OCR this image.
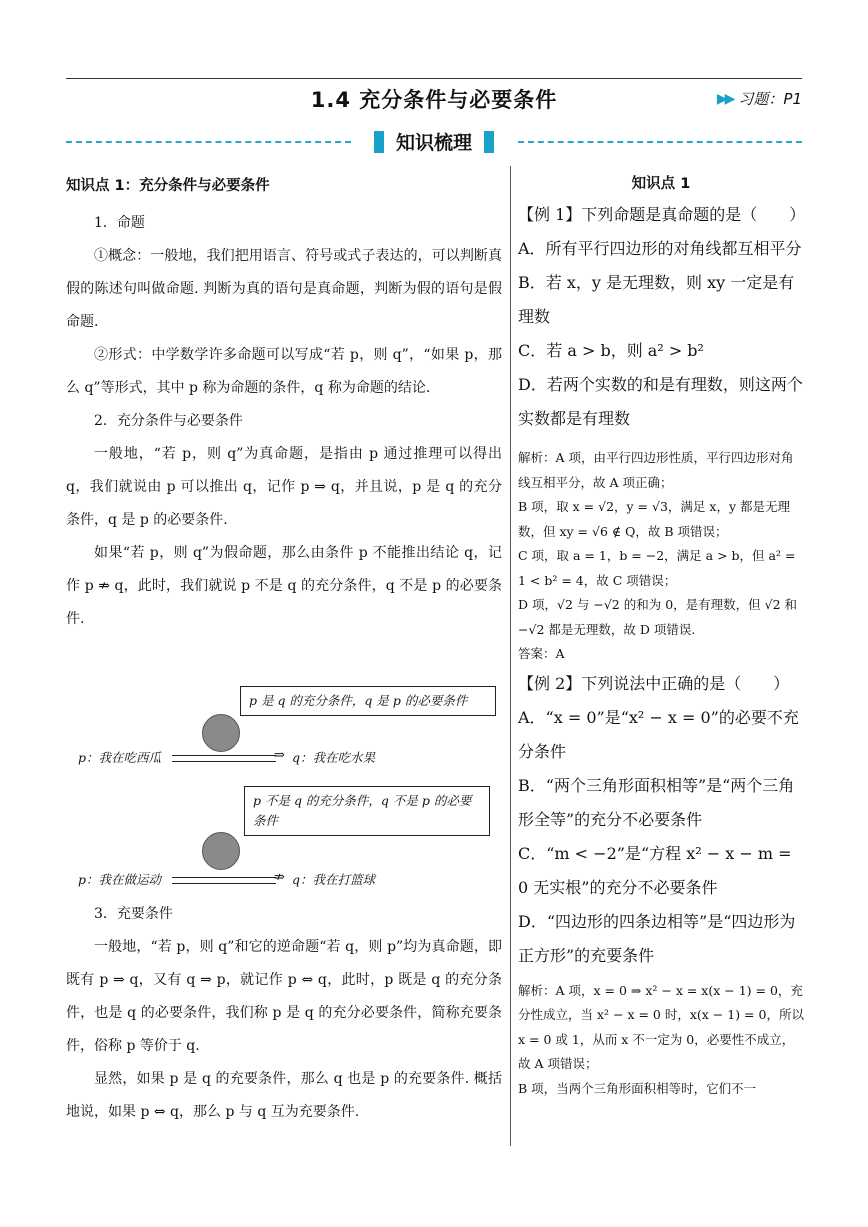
1.4 充分条件与必要条件	▶▶ 习题：P1
知识梳理

知识点 1：充分条件与必要条件

1．命题

①概念：一般地，我们把用语言、符号或式子表达的，可以判断真假的陈述句叫做命题. 判断为真的语句是真命题，判断为假的语句是假命题.

②形式：中学数学许多命题可以写成“若 p，则 q”，“如果 p，那么 q”等形式，其中 p 称为命题的条件，q 称为命题的结论.

2．充分条件与必要条件

一般地，“若 p，则 q”为真命题，是指由 p 通过推理可以得出 q，我们就说由 p 可以推出 q，记作 p ⇒ q，并且说，p 是 q 的充分条件，q 是 p 的必要条件.

如果“若 p，则 q”为假命题，那么由条件 p 不能推出结论 q，记作 p ⇏ q，此时，我们就说 p 不是 q 的充分条件，q 不是 p 的必要条件.

p 是 q 的充分条件，q 是 p 的必要条件
p：我在吃西瓜	⇒ q：我在吃水果
p 不是 q 的充分条件，q 不是 p 的必要条件
p：我在做运动	⇏ q：我在打篮球

3．充要条件

一般地，“若 p，则 q”和它的逆命题“若 q，则 p”均为真命题，即既有 p ⇒ q，又有 q ⇒ p，就记作 p ⇔ q，此时，p 既是 q 的充分条件，也是 q 的必要条件，我们称 p 是 q 的充分必要条件，简称充要条件，俗称 p 等价于 q.

显然，如果 p 是 q 的充要条件，那么 q 也是 p 的充要条件. 概括地说，如果 p ⇔ q，那么 p 与 q 互为充要条件.

知识点 1

【例 1】下列命题是真命题的是（　　）

A．所有平行四边形的对角线都互相平分

B．若 x，y 是无理数，则 xy 一定是有理数

C．若 a > b，则 a² > b²

D．若两个实数的和是有理数，则这两个实数都是有理数

解析：A 项，由平行四边形性质，平行四边形对角线互相平分，故 A 项正确；

B 项，取 x = √2，y = √3，满足 x，y 都是无理数，但 xy = √6 ∉ Q，故 B 项错误；

C 项，取 a = 1，b = −2，满足 a > b，但 a² = 1 < b² = 4，故 C 项错误；

D 项，√2 与 −√2 的和为 0，是有理数，但 √2 和 −√2 都是无理数，故 D 项错误.

答案：A

【例 2】下列说法中正确的是（　　）

A．“x = 0”是“x² − x = 0”的必要不充分条件

B．“两个三角形面积相等”是“两个三角形全等”的充分不必要条件

C．“m < −2”是“方程 x² − x − m = 0 无实根”的充分不必要条件

D．“四边形的四条边相等”是“四边形为正方形”的充要条件

解析：A 项，x = 0 ⇒ x² − x = x(x − 1) = 0，充分性成立，当 x² − x = 0 时，x(x − 1) = 0，所以 x = 0 或 1，从而 x 不一定为 0，必要性不成立，故 A 项错误；

B 项，当两个三角形面积相等时，它们不一
